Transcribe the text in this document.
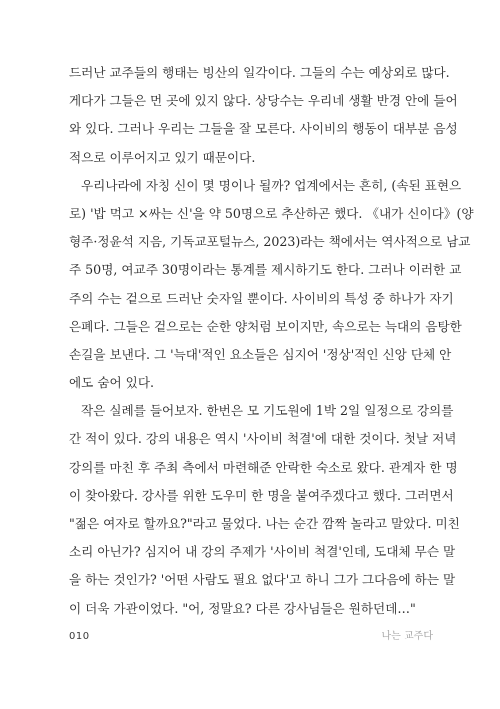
드러난 교주들의 행태는 빙산의 일각이다. 그들의 수는 예상외로 많다.
게다가 그들은 먼 곳에 있지 않다. 상당수는 우리네 생활 반경 안에 들어
와 있다. 그러나 우리는 그들을 잘 모른다. 사이비의 행동이 대부분 음성
적으로 이루어지고 있기 때문이다.
우리나라에 자칭 신이 몇 명이나 될까? 업계에서는 흔히, (속된 표현으
로) '밥 먹고 ×싸는 신'을 약 50명으로 추산하곤 했다. 《내가 신이다》(양
형주·정윤석 지음, 기독교포털뉴스, 2023)라는 책에서는 역사적으로 남교
주 50명, 여교주 30명이라는 통계를 제시하기도 한다. 그러나 이러한 교
주의 수는 겉으로 드러난 숫자일 뿐이다. 사이비의 특성 중 하나가 자기
은폐다. 그들은 겉으로는 순한 양처럼 보이지만, 속으로는 늑대의 음탕한
손길을 보낸다. 그 '늑대'적인 요소들은 심지어 '정상'적인 신앙 단체 안
에도 숨어 있다.
작은 실례를 들어보자. 한번은 모 기도원에 1박 2일 일정으로 강의를
간 적이 있다. 강의 내용은 역시 '사이비 척결'에 대한 것이다. 첫날 저녁
강의를 마친 후 주최 측에서 마련해준 안락한 숙소로 왔다. 관계자 한 명
이 찾아왔다. 강사를 위한 도우미 한 명을 붙여주겠다고 했다. 그러면서
"젊은 여자로 할까요?"라고 물었다. 나는 순간 깜짝 놀라고 말았다. 미친
소리 아닌가? 심지어 내 강의 주제가 '사이비 척결'인데, 도대체 무슨 말
을 하는 것인가? '어떤 사람도 필요 없다'고 하니 그가 그다음에 하는 말
이 더욱 가관이었다. "어, 정말요? 다른 강사님들은 원하던데…"
010	나는 교주다
